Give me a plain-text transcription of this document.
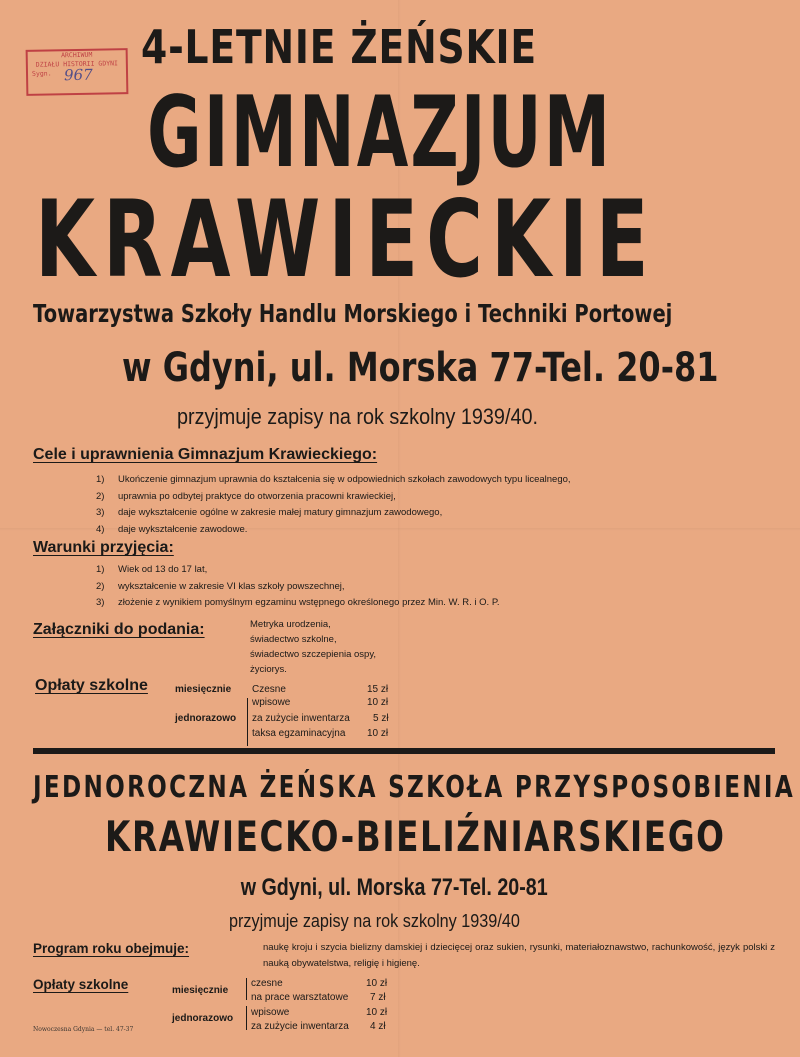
ARCHIWUM
DZIAŁU HISTORII GDYNI
Sygn. 967
4-LETNIE ŻEŃSKIE
GIMNAZJUM
KRAWIECKIE
Towarzystwa Szkoły Handlu Morskiego i Techniki Portowej
w Gdyni, ul. Morska 77-Tel. 20-81
przyjmuje zapisy na rok szkolny 1939/40.
Cele i uprawnienia Gimnazjum Krawieckiego:
1)	Ukończenie gimnazjum uprawnia do kształcenia się w odpowiednich szkołach zawodowych typu licealnego,
2)	uprawnia po odbytej praktyce do otworzenia pracowni krawieckiej,
3)	daje wykształcenie ogólne w zakresie małej matury gimnazjum zawodowego,
4)	daje wykształcenie zawodowe.
Warunki przyjęcia:
1)	Wiek od 13 do 17 lat,
2)	wykształcenie w zakresie VI klas szkoły powszechnej,
3)	złożenie z wynikiem pomyślnym egzaminu wstępnego określonego przez Min. W. R. i O. P.
Załączniki do podania:	Metryka urodzenia,
świadectwo szkolne,
świadectwo szczepienia ospy,
życiorys.
Opłaty szkolne	miesięcznie Czesne	15 zł
jednorazowo
wpisowe	10 zł
za zużycie inwentarza 5 zł
taksa egzaminacyjna 10 zł
JEDNOROCZNA ŻEŃSKA SZKOŁA PRZYSPOSOBIENIA
KRAWIECKO-BIELIŹNIARSKIEGO
w Gdyni, ul. Morska 77-Tel. 20-81
przyjmuje zapisy na rok szkolny 1939/40
Program roku obejmuje:	naukę kroju i szycia bielizny damskiej i dziecięcej oraz sukien, rysunki, materiałoznawstwo, rachunkowość, język polski z nauką obywatelstwa, religię i higienę.
Opłaty szkolne	miesięcznie
czesne	10 zł
na prace warsztatowe 7 zł
jednorazowo
wpisowe	10 zł
za zużycie inwentarza 4 zł
Nowoczesna Gdynia — tel. 47-37
